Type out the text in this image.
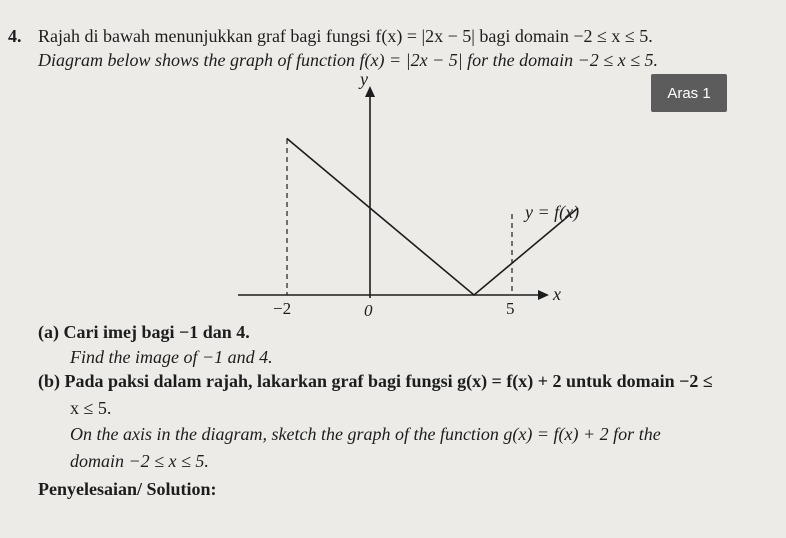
4. Rajah di bawah menunjukkan graf bagi fungsi f(x) = |2x − 5| bagi domain −2 ≤ x ≤ 5.
Diagram below shows the graph of function f(x) = |2x − 5| for the domain −2 ≤ x ≤ 5.
Aras 1
y
x
y = f(x)
−2	0	5
(a) Cari imej bagi −1 dan 4.
Find the image of −1 and 4.
(b) Pada paksi dalam rajah, lakarkan graf bagi fungsi g(x) = f(x) + 2 untuk domain −2 ≤
x ≤ 5.
On the axis in the diagram, sketch the graph of the function g(x) = f(x) + 2 for the
domain −2 ≤ x ≤ 5.
Penyelesaian/ Solution:
